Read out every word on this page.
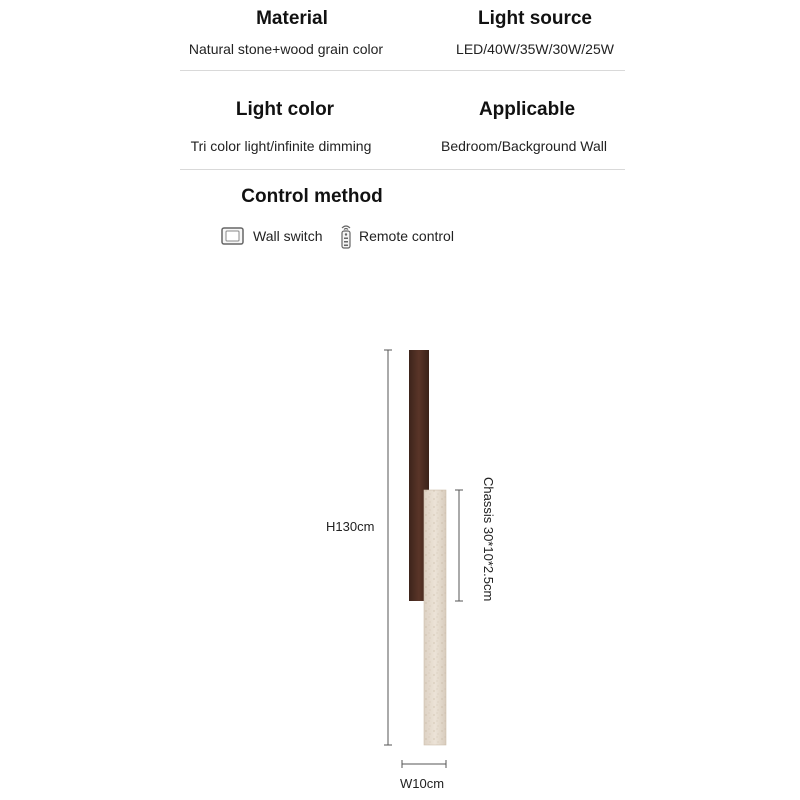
Material
Natural stone+wood grain color
Light source
LED/40W/35W/30W/25W
Light color
Tri color light/infinite dimming
Applicable
Bedroom/Background Wall
Control method
Wall switch	Remote control
H130cm
W10cm
Chassis 30*10*2.5cm
